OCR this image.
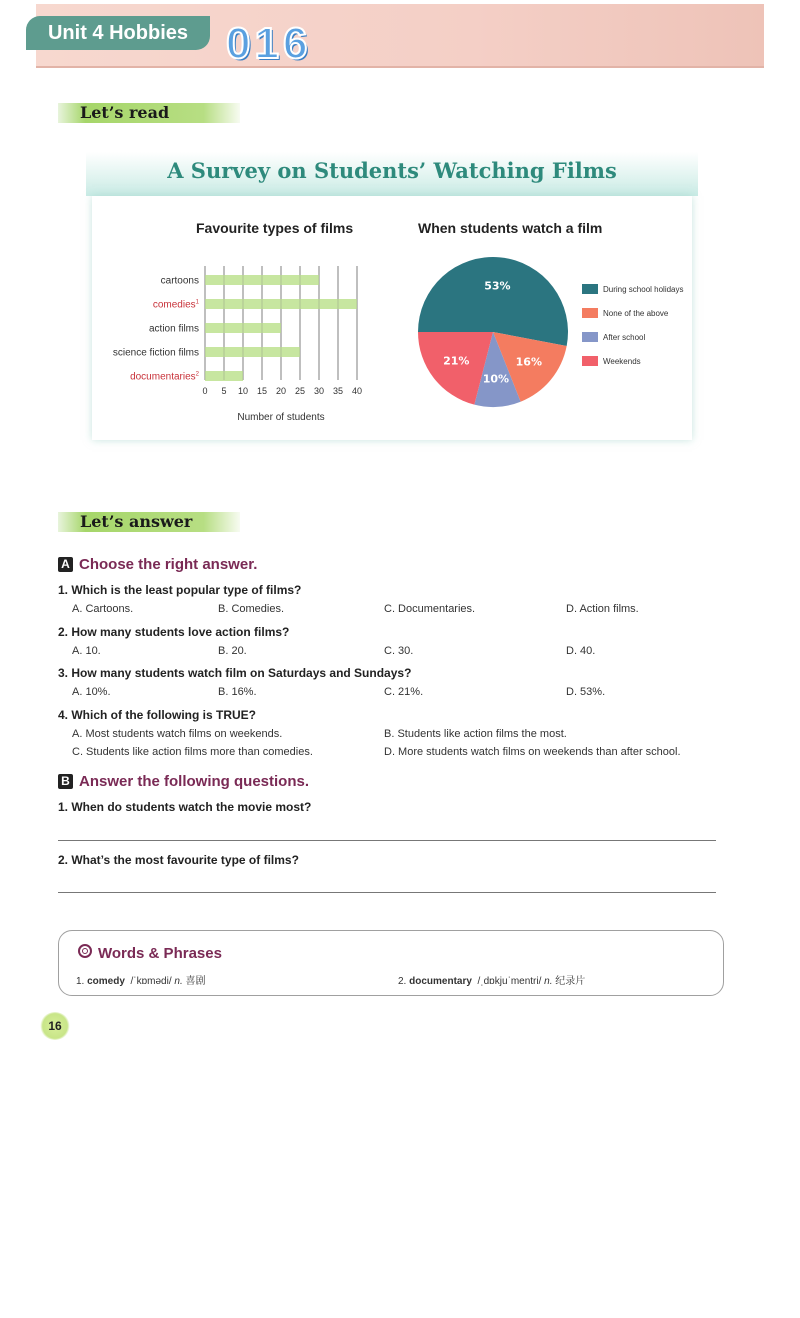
Unit 4 Hobbies 016
Let’s read
A Survey on Students’ Watching Films
Favourite types of films
0 5 10 15 20 25 30 35 40
cartoons
comedies$^1$
action films
science fiction films
documentaries$^2$
Number of students
When students watch a film
53%
16%
10%
21%
During school holidays
None of the above
After school
Weekends
Let’s answer
A Choose the right answer.
1. Which is the least popular type of films?
A. Cartoons.	B. Comedies.	C. Documentaries.	D. Action films.
2. How many students love action films?
A. 10.	B. 20.	C. 30.	D. 40.
3. How many students watch film on Saturdays and Sundays?
A. 10%.	B. 16%.	C. 21%.	D. 53%.
4. Which of the following is TRUE?
A. Most students watch films on weekends.	B. Students like action films the most.
C. Students like action films more than comedies.	D. More students watch films on weekends than after school.
B Answer the following questions.
1. When do students watch the movie most?
2. What’s the most favourite type of films?
Words & Phrases
1. comedy /ˈkɒmədi/ n. 喜剧	2. documentary /ˌdɒkjuˈmentri/ n. 纪录片
16
